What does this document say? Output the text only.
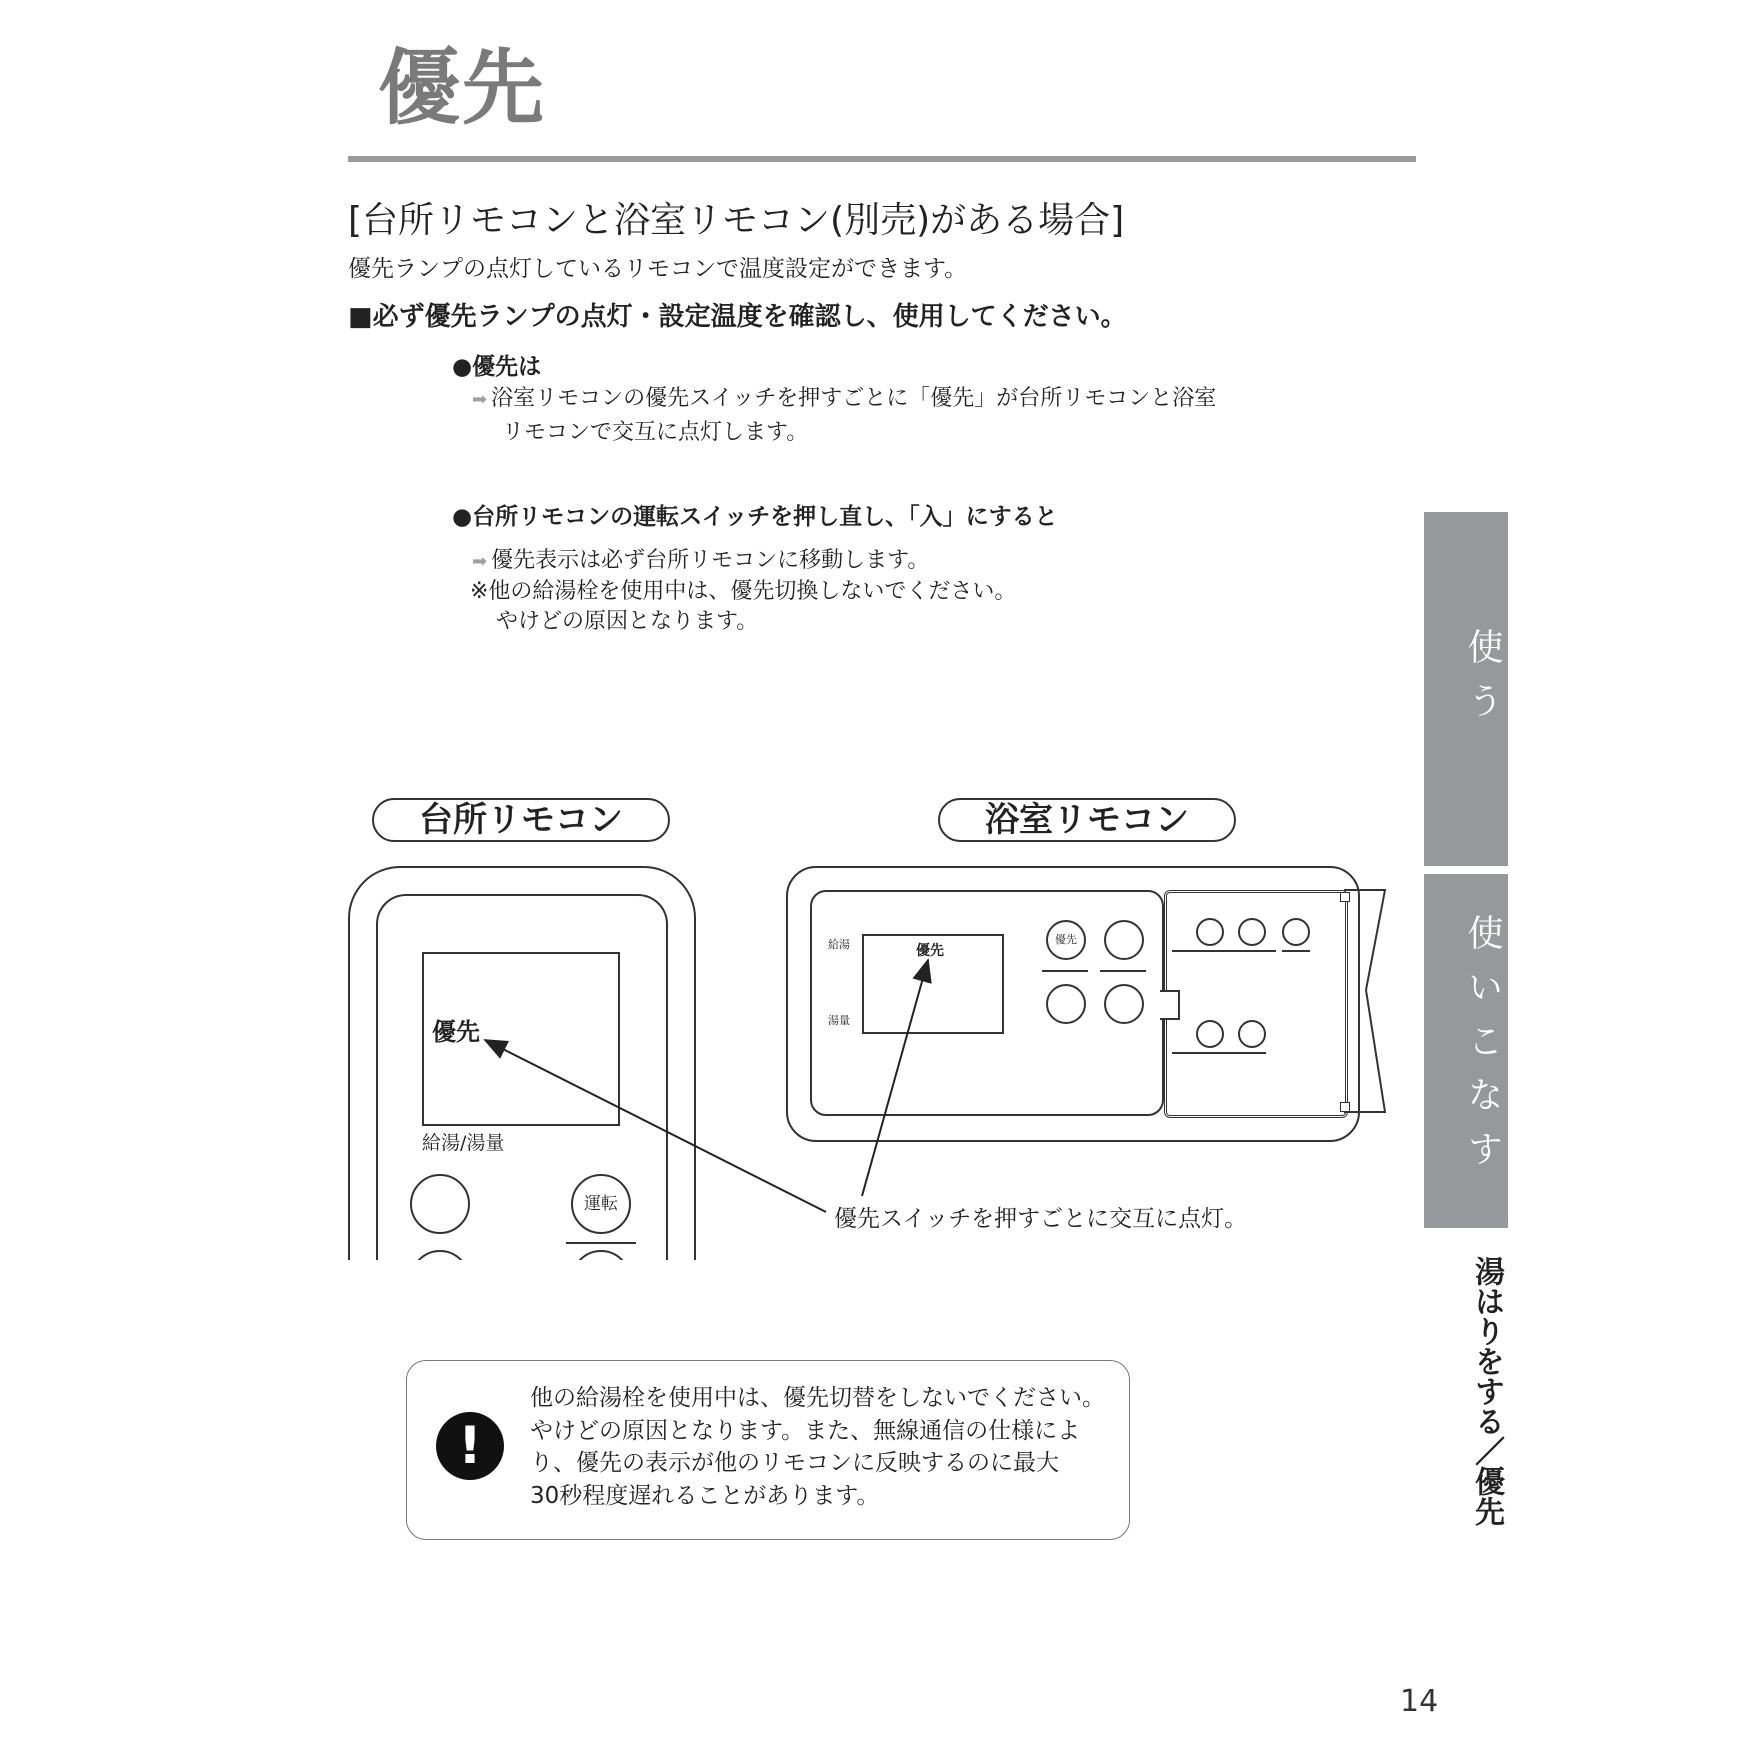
優先
[台所リモコンと浴室リモコン(別売)がある場合]
優先ランプの点灯しているリモコンで温度設定ができます。
■必ず優先ランプの点灯・設定温度を確認し、使用してください。
●優先は
➡ 浴室リモコンの優先スイッチを押すごとに「優先」が台所リモコンと浴室
リモコンで交互に点灯します。
●台所リモコンの運転スイッチを押し直し、「入」にすると
➡ 優先表示は必ず台所リモコンに移動します。
※他の給湯栓を使用中は、優先切換しないでください。
やけどの原因となります。
使う
使いこなす
湯はりをする／優先
台所リモコン	浴室リモコン
優先
給湯/湯量
運転
給湯
湯量
優先
優先
優先スイッチを押すごとに交互に点灯。
!
他の給湯栓を使用中は、優先切替をしないでください。
やけどの原因となります。また、無線通信の仕様によ
り、優先の表示が他のリモコンに反映するのに最大
30秒程度遅れることがあります。
14
